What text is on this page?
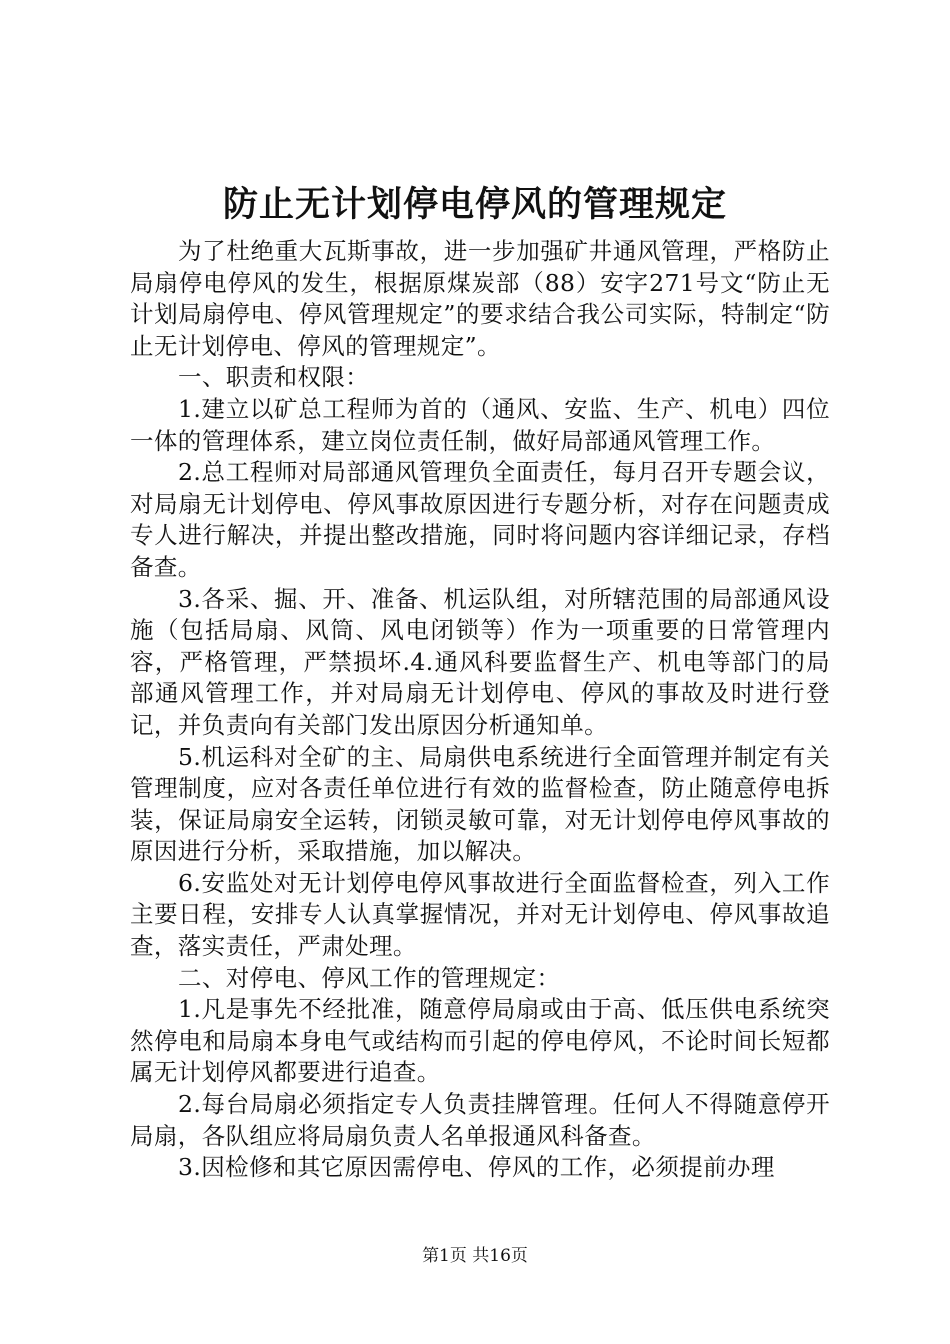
防止无计划停电停风的管理规定

为了杜绝重大瓦斯事故，进一步加强矿井通风管理，严格防止局扇停电停风的发生，根据原煤炭部（88）安字271号文“防止无计划局扇停电、停风管理规定”的要求结合我公司实际，特制定“防止无计划停电、停风的管理规定”。

一、职责和权限：

1.建立以矿总工程师为首的（通风、安监、生产、机电）四位一体的管理体系，建立岗位责任制，做好局部通风管理工作。

2.总工程师对局部通风管理负全面责任，每月召开专题会议，对局扇无计划停电、停风事故原因进行专题分析，对存在问题责成专人进行解决，并提出整改措施，同时将问题内容详细记录，存档备查。

3.各采、掘、开、准备、机运队组，对所辖范围的局部通风设施（包括局扇、风筒、风电闭锁等）作为一项重要的日常管理内容，严格管理，严禁损坏.4.通风科要监督生产、机电等部门的局部通风管理工作，并对局扇无计划停电、停风的事故及时进行登记，并负责向有关部门发出原因分析通知单。

5.机运科对全矿的主、局扇供电系统进行全面管理并制定有关管理制度，应对各责任单位进行有效的监督检查，防止随意停电拆装，保证局扇安全运转，闭锁灵敏可靠，对无计划停电停风事故的原因进行分析，采取措施，加以解决。

6.安监处对无计划停电停风事故进行全面监督检查，列入工作主要日程，安排专人认真掌握情况，并对无计划停电、停风事故追查，落实责任，严肃处理。

二、对停电、停风工作的管理规定：

1.凡是事先不经批准，随意停局扇或由于高、低压供电系统突然停电和局扇本身电气或结构而引起的停电停风，不论时间长短都属无计划停风都要进行追查。

2.每台局扇必须指定专人负责挂牌管理。任何人不得随意停开局扇，各队组应将局扇负责人名单报通风科备查。

3.因检修和其它原因需停电、停风的工作，必须提前办理

第1页 共16页
